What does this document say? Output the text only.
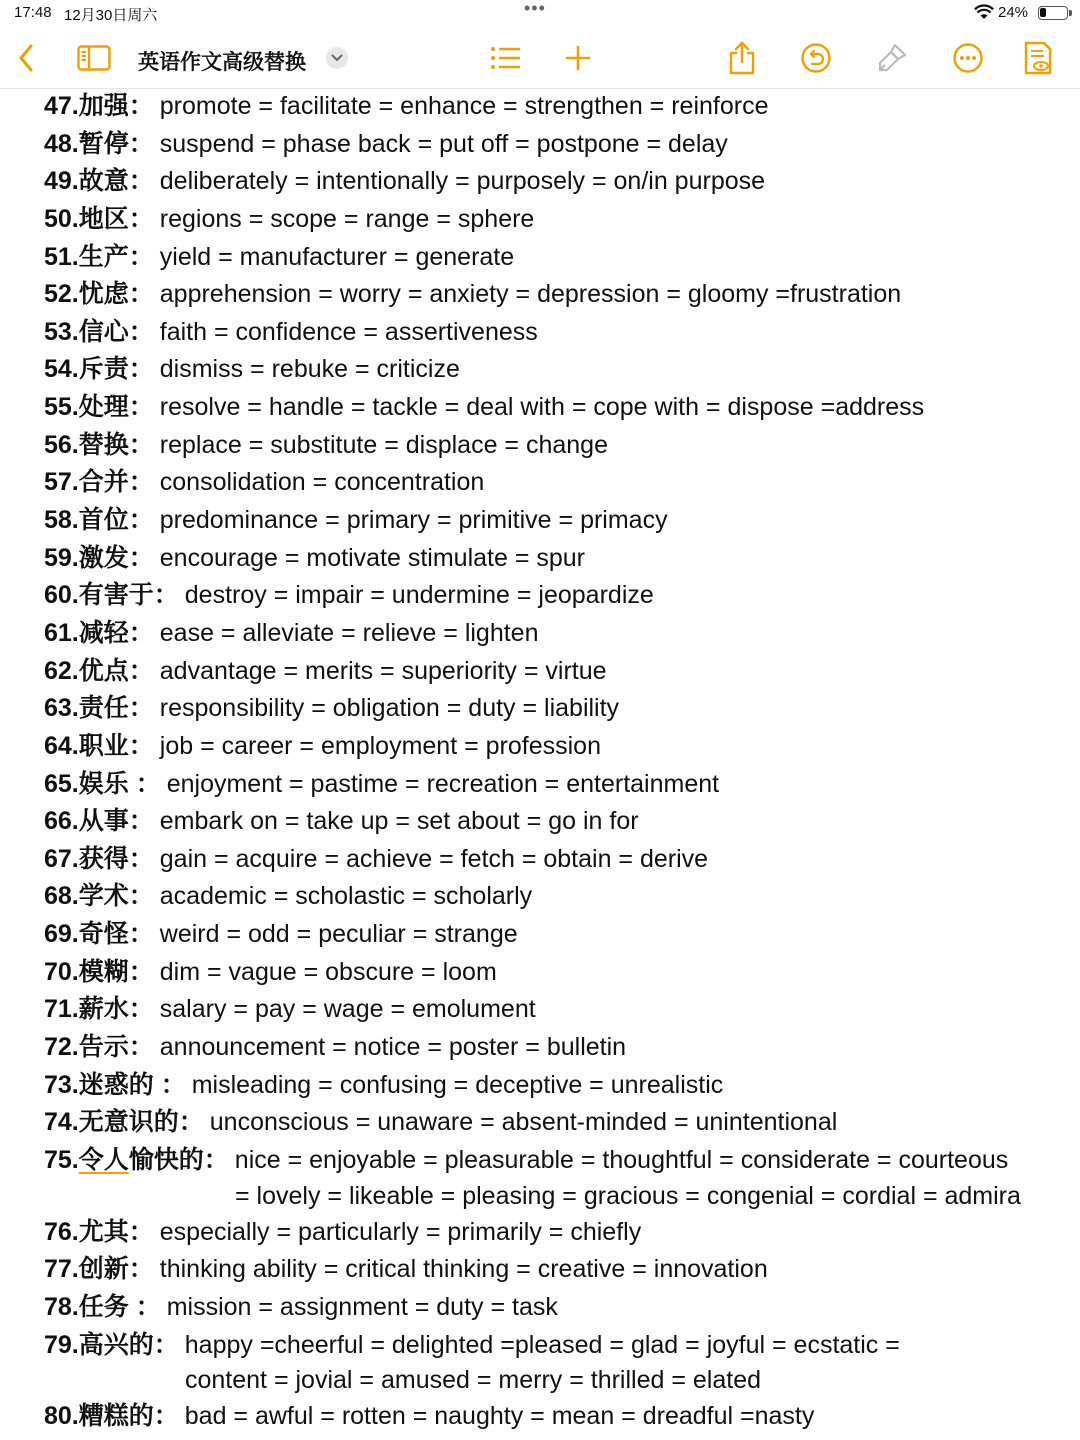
17:48 12月30日周六	•••	24%
英语作文高级替换
47.加强： promote = facilitate = enhance = strengthen = reinforce
48.暂停： suspend = phase back = put off = postpone = delay
49.故意： deliberately = intentionally = purposely = on/in purpose
50.地区： regions = scope = range = sphere
51.生产： yield = manufacturer = generate
52.忧虑： apprehension = worry = anxiety = depression = gloomy =frustration
53.信心： faith = confidence = assertiveness
54.斥责： dismiss = rebuke = criticize
55.处理： resolve = handle = tackle = deal with = cope with = dispose =address
56.替换： replace = substitute = displace = change
57.合并： consolidation = concentration
58.首位： predominance = primary = primitive = primacy
59.激发： encourage = motivate stimulate = spur
60.有害于： destroy = impair = undermine = jeopardize
61.减轻： ease = alleviate = relieve = lighten
62.优点： advantage = merits = superiority = virtue
63.责任： responsibility = obligation = duty = liability
64.职业： job = career = employment = profession
65.娱乐 ： enjoyment = pastime = recreation = entertainment
66.从事： embark on = take up = set about = go in for
67.获得： gain = acquire = achieve = fetch = obtain = derive
68.学术： academic = scholastic = scholarly
69.奇怪： weird = odd = peculiar = strange
70.模糊： dim = vague = obscure = loom
71.薪水： salary = pay = wage = emolument
72.告示： announcement = notice = poster = bulletin
73.迷惑的 ： misleading = confusing = deceptive = unrealistic
74.无意识的： unconscious = unaware = absent-minded = unintentional
75.令人愉快的： nice = enjoyable = pleasurable = thoughtful = considerate = courteous
= lovely = likeable = pleasing = gracious = congenial = cordial = admira
76.尤其： especially = particularly = primarily = chiefly
77.创新： thinking ability = critical thinking = creative = innovation
78.任务 ： mission = assignment = duty = task
79.高兴的： happy =cheerful = delighted =pleased = glad = joyful = ecstatic =
content = jovial = amused = merry = thrilled = elated
80.糟糕的： bad = awful = rotten = naughty = mean = dreadful =nasty
